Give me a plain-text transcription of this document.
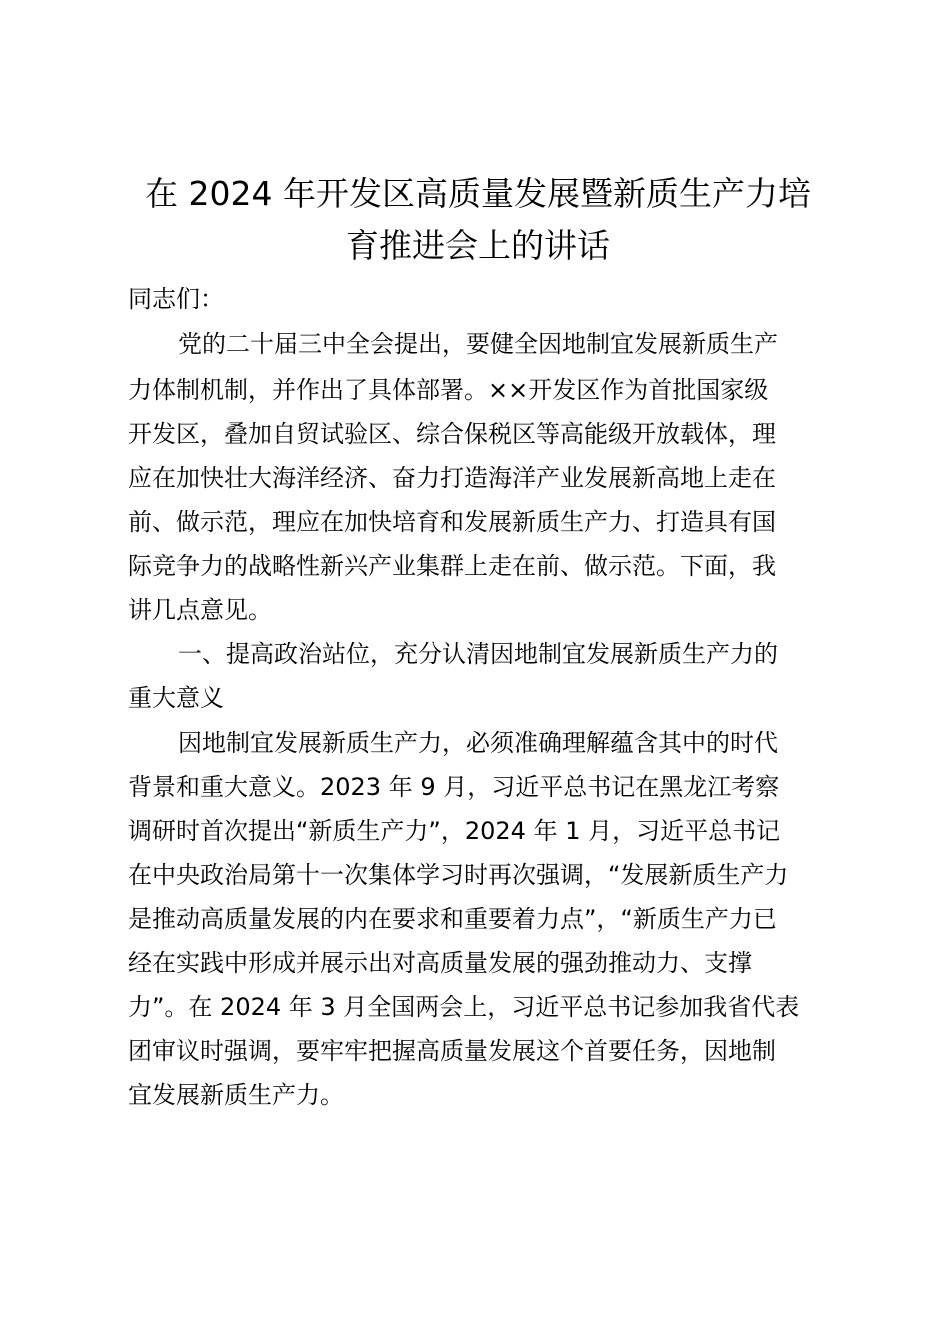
在 2024 年开发区高质量发展暨新质生产力培
育推进会上的讲话
同志们：
党的二十届三中全会提出，要健全因地制宜发展新质生产
力体制机制，并作出了具体部署。××开发区作为首批国家级
开发区，叠加自贸试验区、综合保税区等高能级开放载体，理
应在加快壮大海洋经济、奋力打造海洋产业发展新高地上走在
前、做示范，理应在加快培育和发展新质生产力、打造具有国
际竞争力的战略性新兴产业集群上走在前、做示范。下面，我
讲几点意见。
一、提高政治站位，充分认清因地制宜发展新质生产力的
重大意义
因地制宜发展新质生产力，必须准确理解蕴含其中的时代
背景和重大意义。2023 年 9 月，习近平总书记在黑龙江考察
调研时首次提出“新质生产力”，2024 年 1 月，习近平总书记
在中央政治局第十一次集体学习时再次强调，“发展新质生产力
是推动高质量发展的内在要求和重要着力点”，“新质生产力已
经在实践中形成并展示出对高质量发展的强劲推动力、支撑
力”。在 2024 年 3 月全国两会上，习近平总书记参加我省代表
团审议时强调，要牢牢把握高质量发展这个首要任务，因地制
宜发展新质生产力。
